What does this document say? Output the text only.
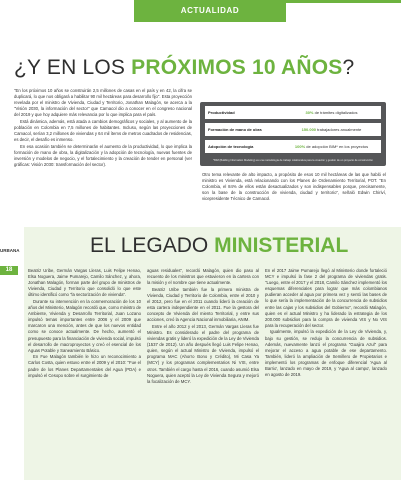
ACTUALIDAD
¿Y EN LOS PRÓXIMOS 10 AÑOS?

"En los próximos 10 años se construirán 2,5 millones de casas en el país y en 42, la cifra se duplicará, lo que nos obligará a habilitar 90 mil hectáreas para desarrollo fijo". Esta proyección revelada por el ministro de Vivienda, Ciudad y Territorio, Jonathan Malagón, se acerca a la "Visión 2030, la información del sector" que Camacol dio a conocer en el congreso nacional del 2019 y que hoy adquiere más relevancia por lo que implica para el país.

Está dinámica, además, está atada a cambios demográficos y sociales, y al aumento de la población en Colombia en 7,5 millones de habitantes. Incluso, según las proyecciones de Camacol, serían 3,2 millones de viviendas y 64 mil ítems de metros cuadrados de residencias, es decir, el desafío es inmenso.

En esa ocasión también se determinarán el aumento de la productividad, lo que implica la formación de mano de obra, la digitalización y la adopción de tecnología, nuevas fuentes de inversión y modelos de negocio, y el fortalecimiento y la creación de tender en personal (ver gráficas: Visión 2030: transformación del sector).

Productividad	30% de trámites digitalizados
Formación de mano de obra	150.000 trabajadores anualmente
Adopción de tecnología	100% de adopción BIM* en los proyectos
*BIM (Building Information Modeling) es una metodología de trabajo colaborativa para la creación y gestión de un proyecto de construcción

Otro tema relevante de alto impacto, a propósito de esos 10 mil hectáreas de las que habló el ministro es Vivienda, está relacionando con los Planes de Ordenamiento Territorial, POT. "En Colombia, el 84% de ellos están desactualizados y son indispensables porque, precisamente, son la base de la construcción de vivienda, ciudad y territorio", señaló Edwin Chiriví, vicepresidente Técnico de Camacol.

URBANA
18
EL LEGADO MINISTERIAL

Beatriz Uribe, Germán Vargas Lleras, Luis Felipe Henao, Elsa Noguera, Jaime Pumarejo, Camilo Sánchez, y, ahora, Jonathan Malagón, forman parte del grupo de ministros de Vivienda, Ciudad y Territorio que consolidó lo que este último identificó como "la sectorización de vivienda".

Durante su intervención en la conmemoración de los 10 años del Ministerio, Malagón recordó que, como ministro de Ambiente, Vivienda y Desarrollo Territorial, Juan Lozano impulsó temas importantes entre 2006 y el 2009 que marcaron una mención, antes de que los nuevos entidad como se conoce actualmente. De hecho, aumentó el presupuesto para la financiación de vivienda social, impulsó el desarrollo de macroproyectos y creó el esencial de los Aguas Potable y Saneamiento Básico.

En Fue Malagón también le hizo un reconocimiento a Carlos Costa, quien estuvo entre el 2009 y el 2010: "Fue el padre de los Planes Departamentales del Agua (PDA) e impulsó el Cesopo sobre el surgimiento de

aguas residuales", recordó Malagón, quien dio paso al recuento de los ministros que estuvieron en la cartera con la misión y el nombre que tiene actualmente.

Beatriz Uribe también fue la primera ministra de Vivienda, Ciudad y Territorio de Colombia, entre el 2010 y el 2012, pero fue en el 2011 cuando lideró la creación de esta cartera independiente en el 2011. Fue la gestora del concepto de Vivienda del miento Territorial, y entre sus acciones, creó la Agencia Nacional inmobiliaria, ANIM.

Entre el año 2012 y el 2013, Germán Vargas Lleras fue Ministro. Es considerado el padre del programa de viviendas gratis y lideró la expedición de la Ley de Vivienda (1537 de 2012). Un año después llegó Luis Felipe Henao, quien, según el actual Ministro de Vivienda, impulsó el programa MAC (Ahorro Bono y Crédito), Mi Casa Ya (MCY) y los programas complementarios Ni VIS, entre otros. También el cargo hasta el 2016, cuando asumió Elsa Noguera, quien aceptó la Ley de Vivienda Segura y mejoró la focalización de MCY.

En el 2017 Jaime Pumarejo llegó al Ministerio donde fortaleció MCY e impulsó la fase 2 del programa de viviendas gratis. "Luego, entre el 2017 y el 2018, Camilo Sánchez implementó los esquemas diferenciales para lograr que más colombianos pudieran acceder al agua por primera vez y sentó las bases de lo que sería la implementación de la concurrencia de subsidios entre las cajas y los subsidios del Gobierno", recordó Malagón, quien es el actual Ministro y ha liderado la estrategia de los 200.000 subsidios para la compra de vivienda VIS y No VIS para la recuperación del sector.

Igualmente, impulsó la expedición de la Ley de Vivienda, y, bajo su gestión, se redujo la concurrencia de subsidios. Además, nuevamente lanzó el programa "Guajira Azul" para mejorar el acceso a agua potable de ese departamento. También, lideró la ampliación de Semillero de Propietarios e implementó los programas de enfoque diferencial 'Agua al Barrio', lanzado en mayo de 2019, y 'Agua al campo', lanzado en agosto de 2019.
